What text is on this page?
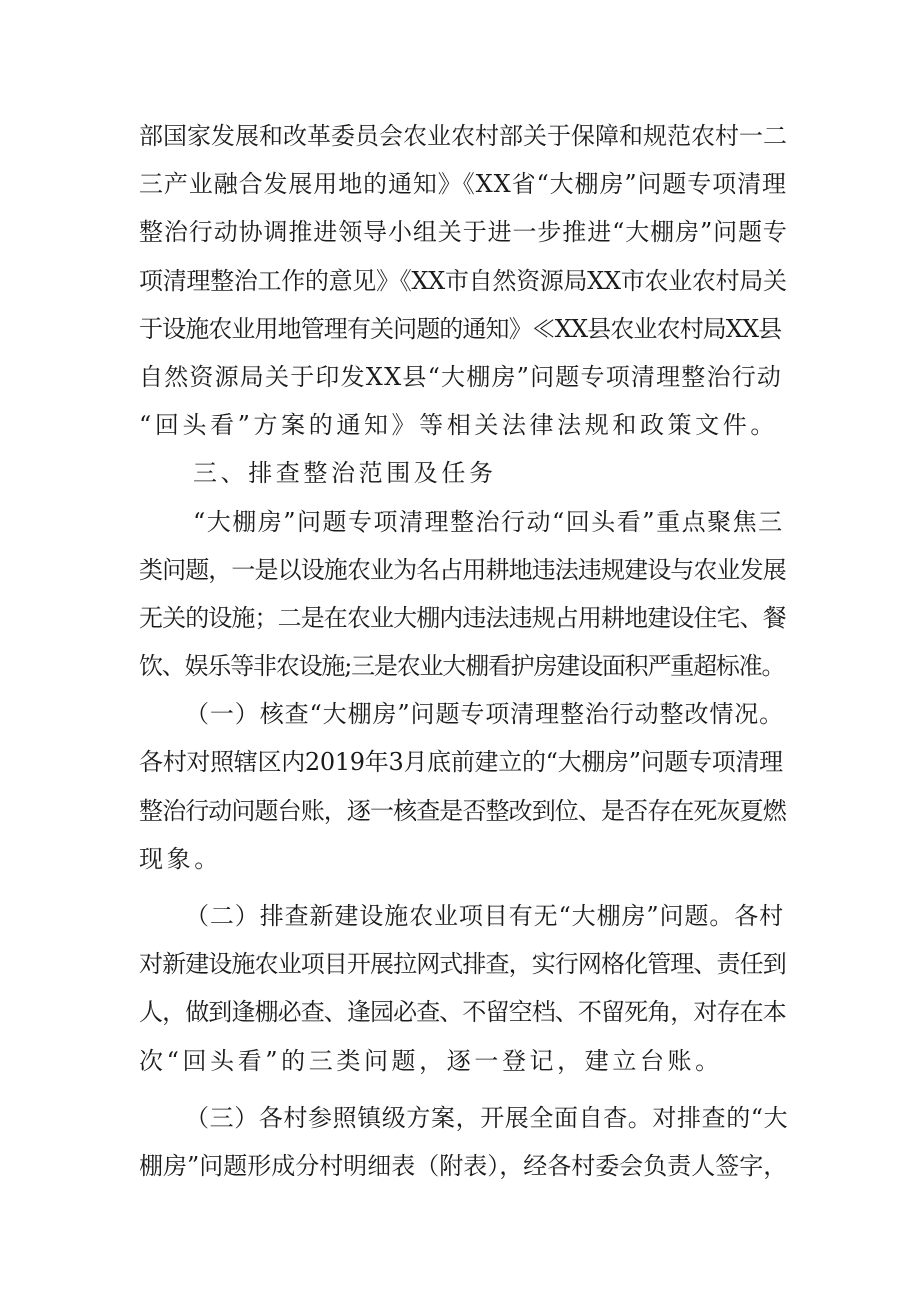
部国家发展和改革委员会农业农村部关于保障和规范农村一二
三产业融合发展用地的通知》《XX省“大棚房”问题专项清理
整治行动协调推进领导小组关于进一步推进“大棚房”问题专
项清理整治工作的意见》《XX市自然资源局XX市农业农村局关
于设施农业用地管理有关问题的通知》≪XX县农业农村局XX县
自然资源局关于印发XX县“大棚房”问题专项清理整治行动
“回头看”方案的通知》等相关法律法规和政策文件。
三、排查整治范围及任务
“大棚房”问题专项清理整治行动“回头看”重点聚焦三
类问题，一是以设施农业为名占用耕地违法违规建设与农业发展
无关的设施；二是在农业大棚内违法违规占用耕地建设住宅、餐
饮、娱乐等非农设施;三是农业大棚看护房建设面积严重超标准。
（一）核查“大棚房”问题专项清理整治行动整改情况。
各村对照辖区内2019年3月底前建立的“大棚房”问题专项清理
整治行动问题台账，逐一核查是否整改到位、是否存在死灰夏燃
现象。
（二）排查新建设施农业项目有无“大棚房”问题。各村
对新建设施农业项目开展拉网式排查，实行网格化管理、责任到
人，做到逢棚必查、逢园必查、不留空档、不留死角，对存在本
次“回头看”的三类问题，逐一登记，建立台账。
（三）各村参照镇级方案，开展全面自杳。对排查的“大
棚房”问题形成分村明细表（附表），经各村委会负责人签字，
